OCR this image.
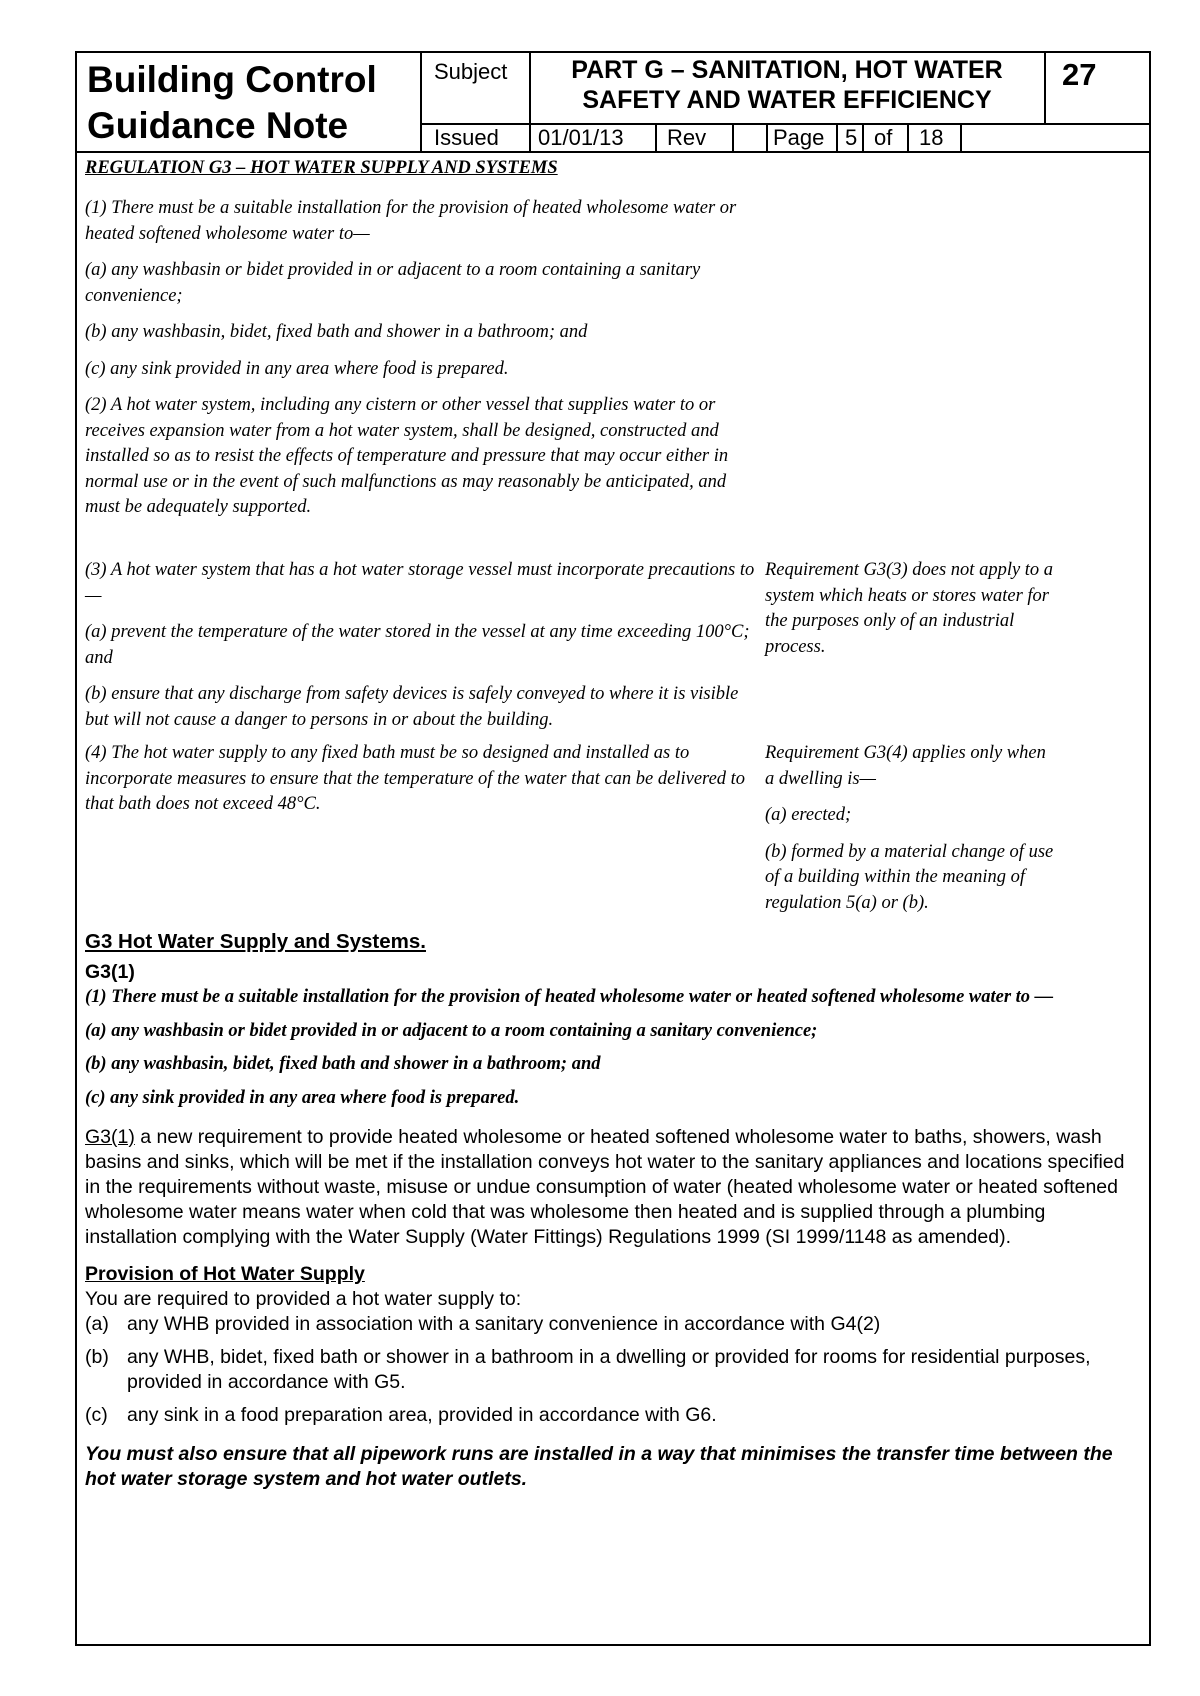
Building Control
Guidance Note
Subject	PART G – SANITATION, HOT WATER
SAFETY AND WATER EFFICIENCY
27
Issued 01/01/13 Rev	Page 5 of 18
REGULATION G3 – HOT WATER SUPPLY AND SYSTEMS

(1) There must be a suitable installation for the provision of heated wholesome water or heated softened wholesome water to—

(a) any washbasin or bidet provided in or adjacent to a room containing a sanitary convenience;

(b) any washbasin, bidet, fixed bath and shower in a bathroom; and

(c) any sink provided in any area where food is prepared.

(2) A hot water system, including any cistern or other vessel that supplies water to or receives expansion water from a hot water system, shall be designed, constructed and installed so as to resist the effects of temperature and pressure that may occur either in normal use or in the event of such malfunctions as may reasonably be anticipated, and must be adequately supported.

(3) A hot water system that has a hot water storage vessel must incorporate precautions to—

(a) prevent the temperature of the water stored in the vessel at any time exceeding 100°C; and

(b) ensure that any discharge from safety devices is safely conveyed to where it is visible but will not cause a danger to persons in or about the building.

Requirement G3(3) does not apply to a system which heats or stores water for the purposes only of an industrial process.

(4) The hot water supply to any fixed bath must be so designed and installed as to incorporate measures to ensure that the temperature of the water that can be delivered to that bath does not exceed 48°C.

Requirement G3(4) applies only when a dwelling is—

(a) erected;

(b) formed by a material change of use of a building within the meaning of regulation 5(a) or (b).

G3 Hot Water Supply and Systems.
G3(1)

(1) There must be a suitable installation for the provision of heated wholesome water or heated softened wholesome water to —

(a) any washbasin or bidet provided in or adjacent to a room containing a sanitary convenience;

(b) any washbasin, bidet, fixed bath and shower in a bathroom; and

(c) any sink provided in any area where food is prepared.

G3(1) a new requirement to provide heated wholesome or heated softened wholesome water to baths, showers, wash basins and sinks, which will be met if the installation conveys hot water to the sanitary appliances and locations specified in the requirements without waste, misuse or undue consumption of water (heated wholesome water or heated softened wholesome water means water when cold that was wholesome then heated and is supplied through a plumbing installation complying with the Water Supply (Water Fittings) Regulations 1999 (SI 1999/1148 as amended).

Provision of Hot Water Supply
You are required to provided a hot water supply to:
(a) any WHB provided in association with a sanitary convenience in accordance with G4(2)
(b) any WHB, bidet, fixed bath or shower in a bathroom in a dwelling or provided for rooms for residential purposes, provided in accordance with G5.
(c) any sink in a food preparation area, provided in accordance with G6.

You must also ensure that all pipework runs are installed in a way that minimises the transfer time between the hot water storage system and hot water outlets.
